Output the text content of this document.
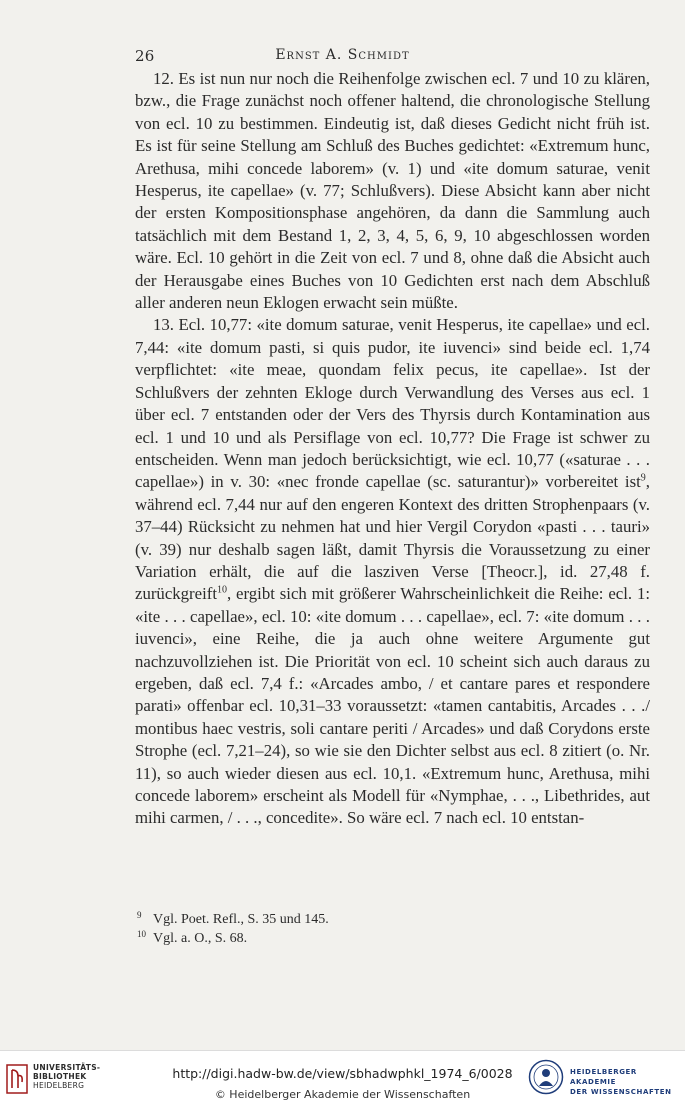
26	Ernst A. Schmidt

12. Es ist nun nur noch die Reihenfolge zwischen ecl. 7 und 10 zu klären, bzw., die Frage zunächst noch offener haltend, die chronologische Stellung von ecl. 10 zu bestimmen. Eindeutig ist, daß dieses Gedicht nicht früh ist. Es ist für seine Stellung am Schluß des Buches gedichtet: «Extremum hunc, Arethusa, mihi concede laborem» (v. 1) und «ite domum saturae, venit Hesperus, ite capellae» (v. 77; Schlußvers). Diese Absicht kann aber nicht der ersten Kompositionsphase angehören, da dann die Sammlung auch tatsächlich mit dem Bestand 1, 2, 3, 4, 5, 6, 9, 10 abgeschlossen worden wäre. Ecl. 10 gehört in die Zeit von ecl. 7 und 8, ohne daß die Absicht auch der Herausgabe eines Buches von 10 Gedichten erst nach dem Abschluß aller anderen neun Eklogen erwacht sein müßte.

13. Ecl. 10,77: «ite domum saturae, venit Hesperus, ite capellae» und ecl. 7,44: «ite domum pasti, si quis pudor, ite iuvenci» sind beide ecl. 1,74 verpflichtet: «ite meae, quondam felix pecus, ite capellae». Ist der Schlußvers der zehnten Ekloge durch Verwandlung des Verses aus ecl. 1 über ecl. 7 entstanden oder der Vers des Thyrsis durch Kontamination aus ecl. 1 und 10 und als Persiflage von ecl. 10,77? Die Frage ist schwer zu entscheiden. Wenn man jedoch berücksichtigt, wie ecl. 10,77 («saturae . . . capellae») in v. 30: «nec fronde capellae (sc. saturantur)» vorbereitet ist$^9$, während ecl. 7,44 nur auf den engeren Kontext des dritten Strophenpaars (v. 37–44) Rücksicht zu nehmen hat und hier Vergil Corydon «pasti . . . tauri» (v. 39) nur deshalb sagen läßt, damit Thyrsis die Voraussetzung zu einer Variation erhält, die auf die lasziven Verse [Theocr.], id. 27,48 f. zurückgreift$^{10}$, ergibt sich mit größerer Wahrscheinlichkeit die Reihe: ecl. 1: «ite . . . capellae», ecl. 10: «ite domum . . . capellae», ecl. 7: «ite domum . . . iuvenci», eine Reihe, die ja auch ohne weitere Argumente gut nachzuvollziehen ist. Die Priorität von ecl. 10 scheint sich auch daraus zu ergeben, daß ecl. 7,4 f.: «Arcades ambo, / et cantare pares et respondere parati» offenbar ecl. 10,31–33 voraussetzt: «tamen cantabitis, Arcades . . ./ montibus haec vestris, soli cantare periti / Arcades» und daß Corydons erste Strophe (ecl. 7,21–24), so wie sie den Dichter selbst aus ecl. 8 zitiert (o. Nr. 11), so auch wieder diesen aus ecl. 10,1. «Extremum hunc, Arethusa, mihi concede laborem» erscheint als Modell für «Nymphae, . . ., Libethrides, aut mihi carmen, / . . ., concedite». So wäre ecl. 7 nach ecl. 10 entstan-

9 Vgl. Poet. Refl., S. 35 und 145.
10 Vgl. a. O., S. 68.
UNIVERSITÄTS-
BIBLIOTHEK
HEIDELBERG
http://digi.hadw-bw.de/view/sbhadwphkl_1974_6/0028
© Heidelberger Akademie der Wissenschaften
HEIDELBERGER AKADEMIE
DER WISSENSCHAFTEN
